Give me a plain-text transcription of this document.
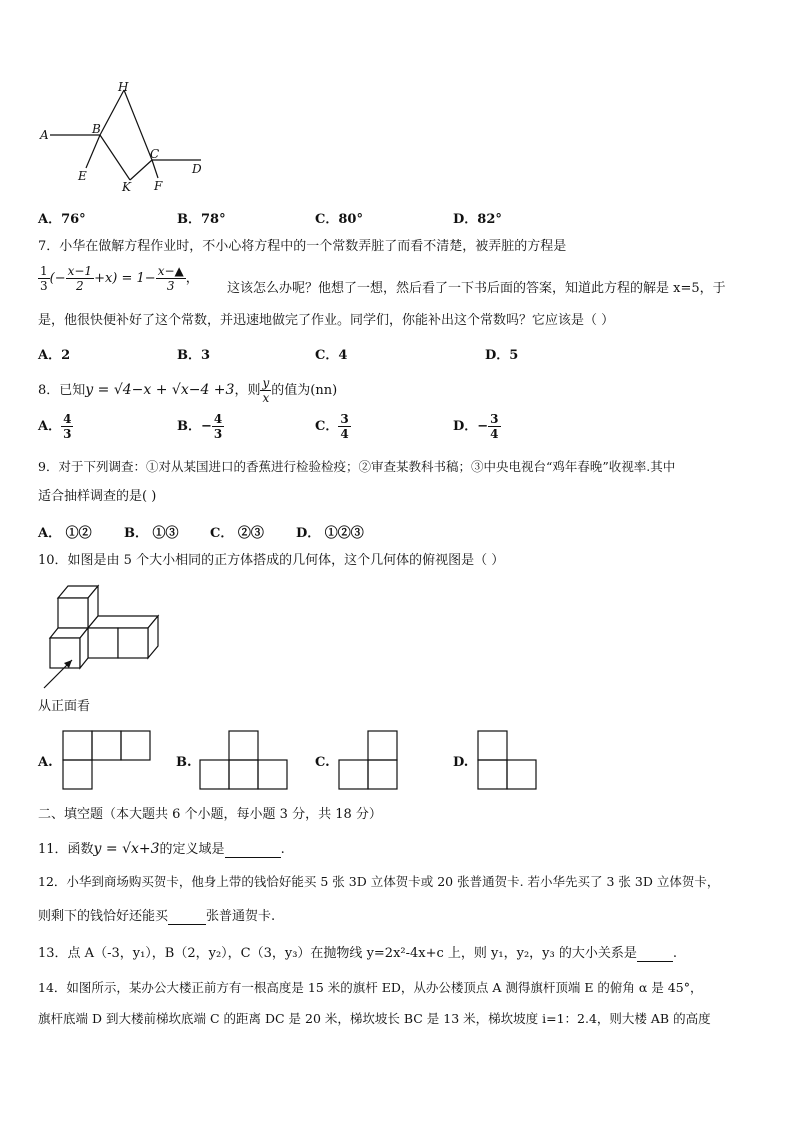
H
A	B
C
D
E
K F
A．76°	B．78°	C．80°	D．82°
7．小华在做解方程作业时，不小心将方程中的一个常数弄脏了而看不清楚，被弄脏的方程是
$\frac{1}{3}$ (− $\frac{x-1}{2} +x) = 1- \frac{x-▲}{3}$ ，
这该怎么办呢？他想了一想，然后看了一下书后面的答案，知道此方程的解是 x=5，于
是，他很快便补好了这个常数，并迅速地做完了作业。同学们，你能补出这个常数吗？它应该是（ ）
A．2	B．3	C．4	D．5
8．已知y = √4−x + √x−4 +3，则 $\frac{y}{x}$ 的值为(nn)
A． $\frac{4}{3}$	B．− $\frac{4}{3}$	C． $\frac{3}{4}$	D．− $\frac{3}{4}$
9．对于下列调查：①对从某国进口的香蕉进行检验检疫；②审查某教科书稿；③中央电视台“鸡年春晚”收视率.其中
适合抽样调查的是( )
A． ①② B． ①③ C． ②③ D． ①②③
10．如图是由 5 个大小相同的正方体搭成的几何体，这个几何体的俯视图是（ ）
从正面看
A.	B.	C.	D.
二、填空题（本大题共 6 个小题，每小题 3 分，共 18 分）
11．函数y = √x+3的定义域是	.
12．小华到商场购买贺卡，他身上带的钱恰好能买 5 张 3D 立体贺卡或 20 张普通贺卡. 若小华先买了 3 张 3D 立体贺卡，
则剩下的钱恰好还能买	张普通贺卡.
13．点 A（-3，y₁），B（2，y₂），C（3，y₃）在抛物线 y=2x²-4x+c 上，则 y₁，y₂，y₃ 的大小关系是	.
14．如图所示，某办公大楼正前方有一根高度是 15 米的旗杆 ED，从办公楼顶点 A 测得旗杆顶端 E 的俯角 α 是 45°，
旗杆底端 D 到大楼前梯坎底端 C 的距离 DC 是 20 米，梯坎坡长 BC 是 13 米，梯坎坡度 i=1：2.4，则大楼 AB 的高度
